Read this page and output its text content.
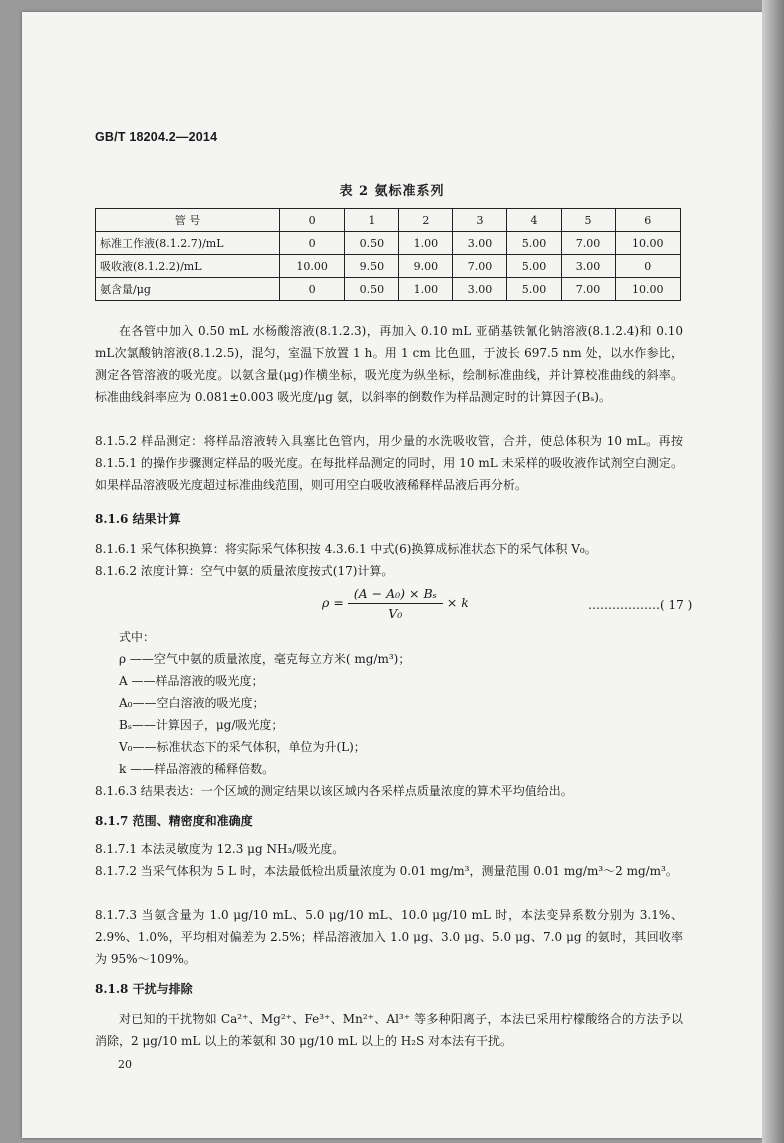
GB/T 18204.2—2014
表 2 氨标准系列
管 号	0	1	2	3	4	5	6
标准工作液(8.1.2.7)/mL	0	0.50	1.00	3.00	5.00	7.00	10.00
吸收液(8.1.2.2)/mL	10.00	9.50	9.00	7.00	5.00	3.00	0
氨含量/μg	0	0.50	1.00	3.00	5.00	7.00	10.00
在各管中加入 0.50 mL 水杨酸溶液(8.1.2.3)，再加入 0.10 mL 亚硝基铁氰化钠溶液(8.1.2.4)和 0.10 mL次氯酸钠溶液(8.1.2.5)，混匀，室温下放置 1 h。用 1 cm 比色皿，于波长 697.5 nm 处，以水作参比，测定各管溶液的吸光度。以氨含量(μg)作横坐标，吸光度为纵坐标，绘制标准曲线，并计算校准曲线的斜率。标准曲线斜率应为 0.081±0.003 吸光度/μg 氨，以斜率的倒数作为样品测定时的计算因子(Bₛ)。
8.1.5.2 样品测定：将样品溶液转入具塞比色管内，用少量的水洗吸收管，合并，使总体积为 10 mL。再按 8.1.5.1 的操作步骤测定样品的吸光度。在每批样品测定的同时，用 10 mL 未采样的吸收液作试剂空白测定。如果样品溶液吸光度超过标准曲线范围，则可用空白吸收液稀释样品液后再分析。
8.1.6 结果计算
8.1.6.1 采气体积换算：将实际采气体积按 4.3.6.1 中式(6)换算成标准状态下的采气体积 V₀。
8.1.6.2 浓度计算：空气中氨的质量浓度按式(17)计算。
$\rho = \frac{\text{(A − A₀) × Bₛ}}{\text{V₀}} \times k$	………………( 17 )
式中：
ρ ——空气中氨的质量浓度，毫克每立方米( mg/m³)；
A ——样品溶液的吸光度；
A₀——空白溶液的吸光度；
Bₛ——计算因子，μg/吸光度；
V₀——标准状态下的采气体积，单位为升(L)；
k ——样品溶液的稀释倍数。
8.1.6.3 结果表达：一个区域的测定结果以该区域内各采样点质量浓度的算术平均值给出。
8.1.7 范围、精密度和准确度
8.1.7.1 本法灵敏度为 12.3 μg NH₃/吸光度。
8.1.7.2 当采气体积为 5 L 时，本法最低检出质量浓度为 0.01 mg/m³，测量范围 0.01 mg/m³～2 mg/m³。
8.1.7.3 当氨含量为 1.0 μg/10 mL、5.0 μg/10 mL、10.0 μg/10 mL 时，本法变异系数分别为 3.1%、2.9%、1.0%，平均相对偏差为 2.5%；样品溶液加入 1.0 μg、3.0 μg、5.0 μg、7.0 μg 的氨时，其回收率为 95%～109%。
8.1.8 干扰与排除
对已知的干扰物如 Ca²⁺、Mg²⁺、Fe³⁺、Mn²⁺、Al³⁺ 等多种阳离子，本法已采用柠檬酸络合的方法予以消除，2 μg/10 mL 以上的苯氨和 30 μg/10 mL 以上的 H₂S 对本法有干扰。
20
